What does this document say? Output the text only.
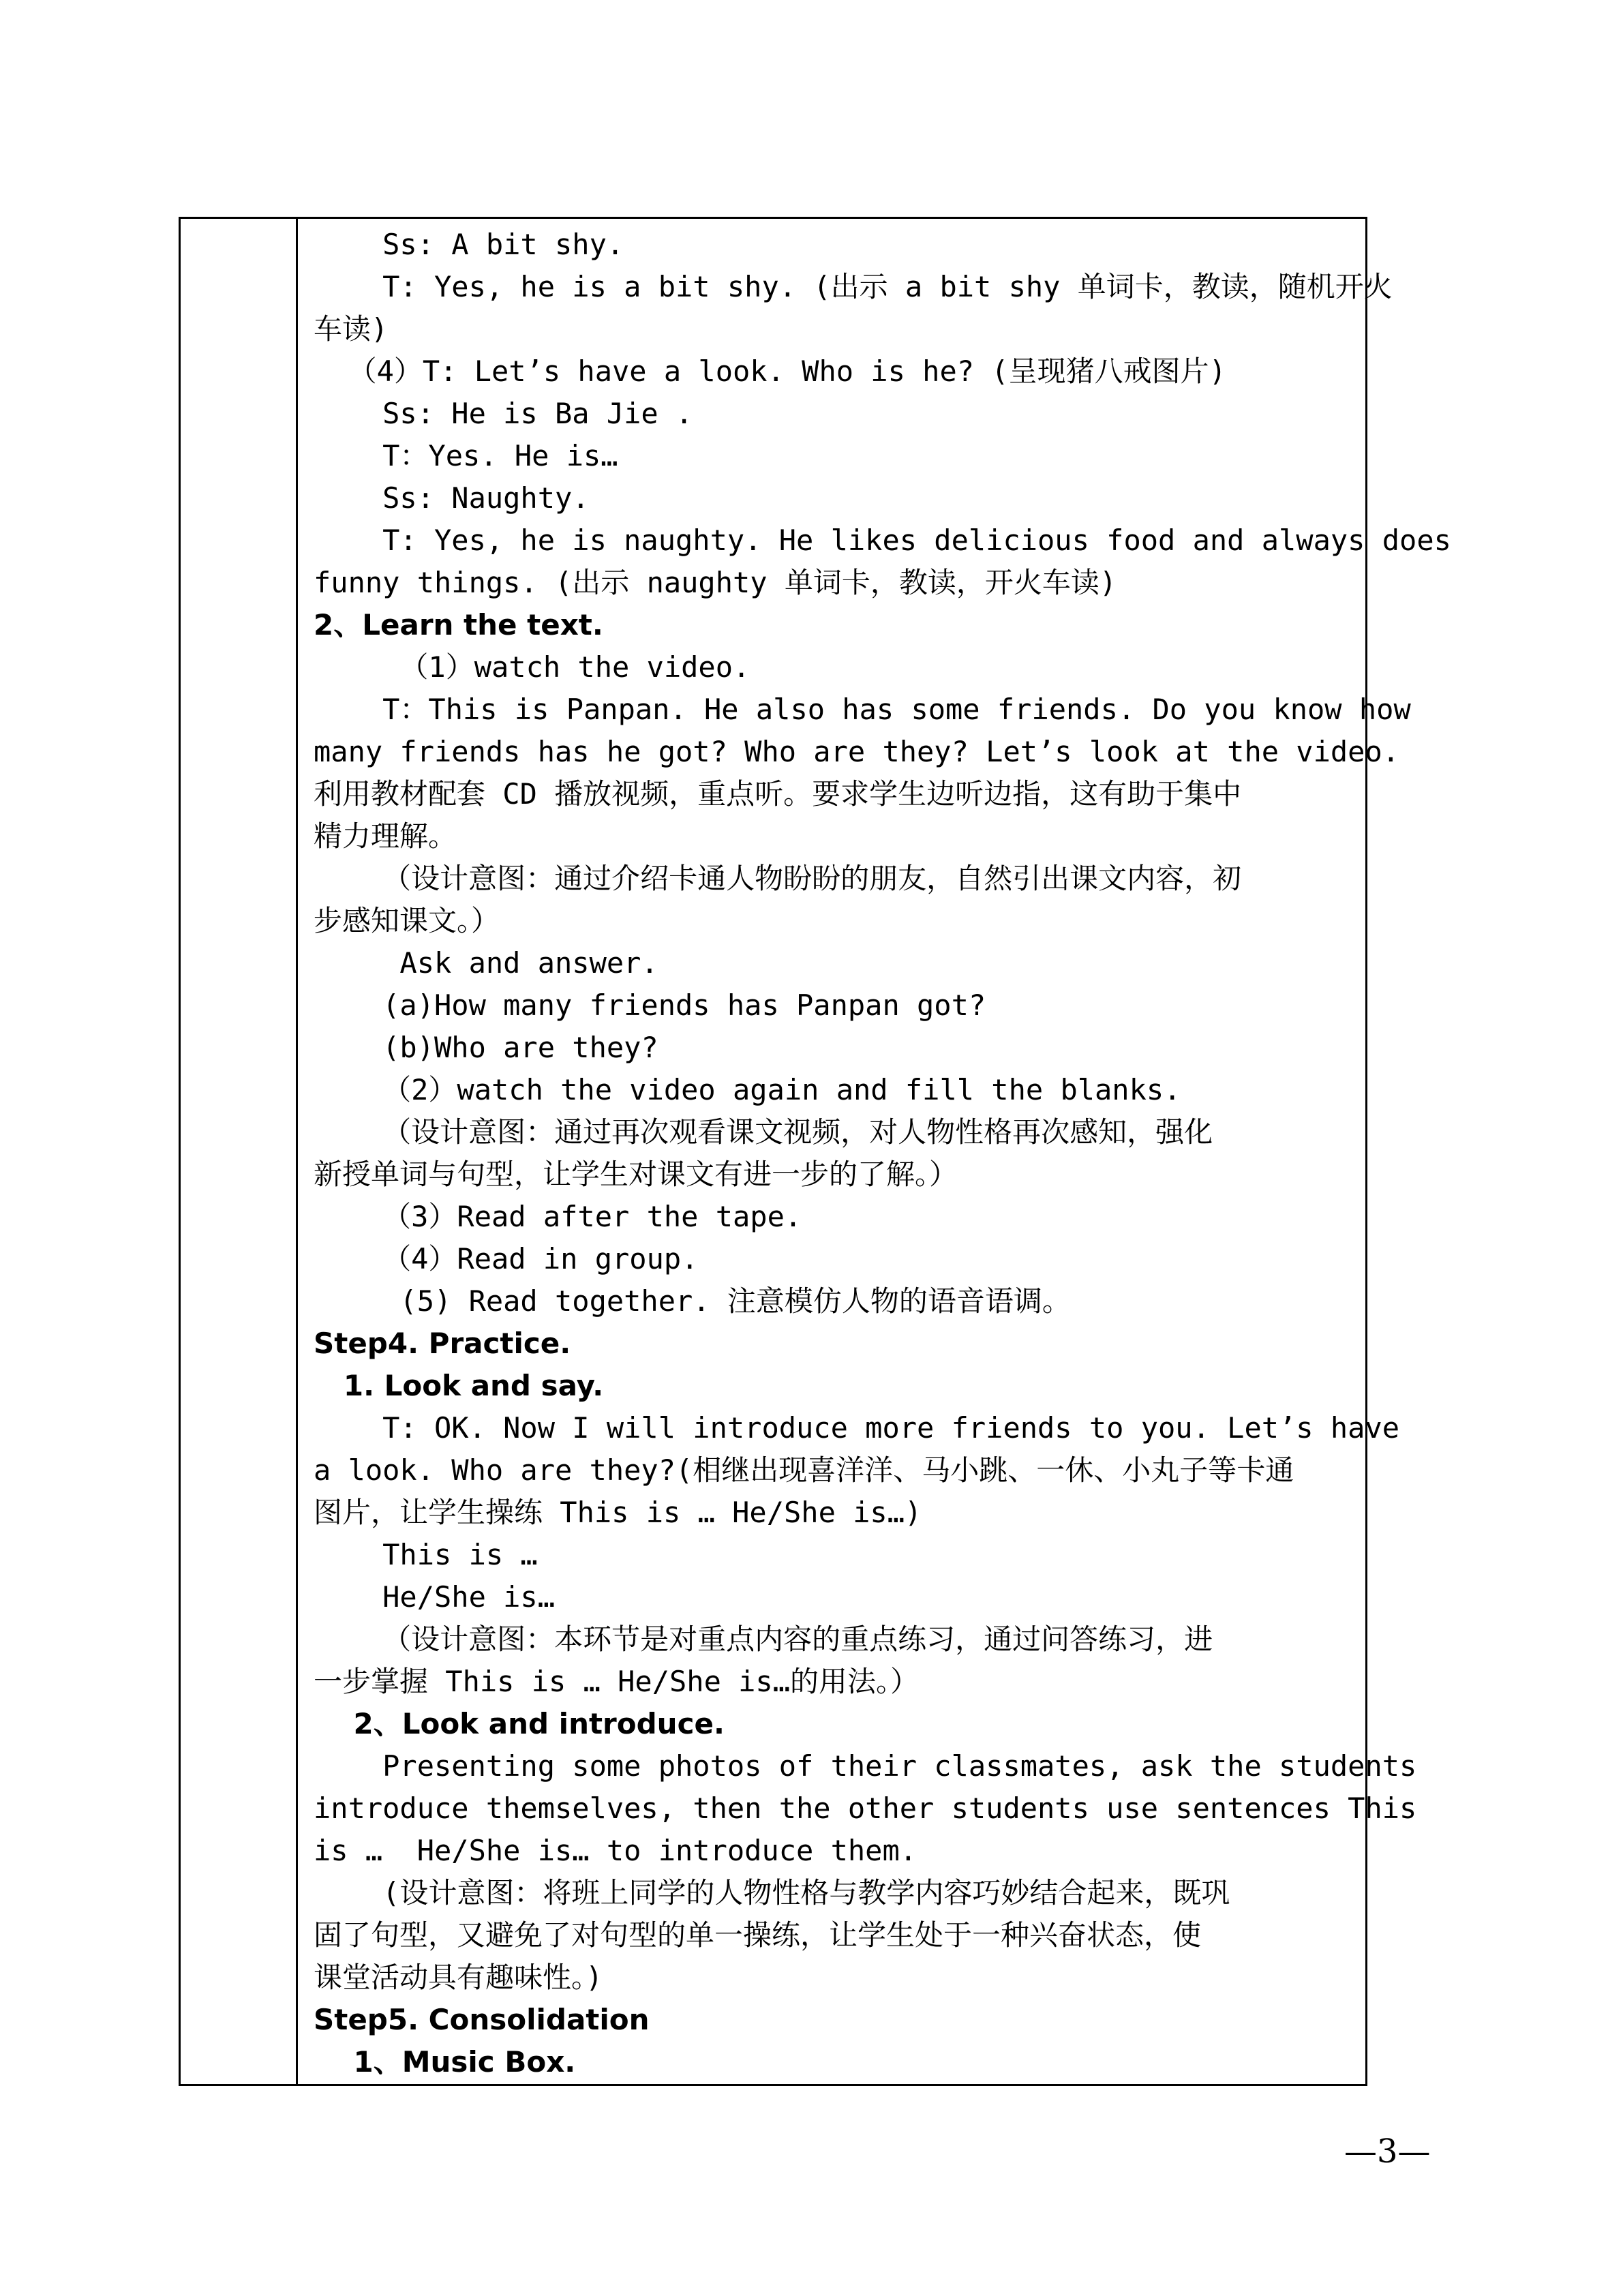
Ss: A bit shy.
T: Yes, he is a bit shy. (出示 a bit shy 单词卡，教读，随机开火
车读)
（4）T: Let’s have a look. Who is he? (呈现猪八戒图片)
Ss: He is Ba Jie .
T：Yes. He is…
Ss: Naughty.
T: Yes, he is naughty. He likes delicious food and always does
funny things. (出示 naughty 单词卡，教读，开火车读)
2、Learn the text.
（1）watch the video.
T：This is Panpan. He also has some friends. Do you know how
many friends has he got? Who are they? Let’s look at the video.
利用教材配套 CD 播放视频，重点听。要求学生边听边指，这有助于集中
精力理解。
（设计意图：通过介绍卡通人物盼盼的朋友，自然引出课文内容，初
步感知课文。）
Ask and answer.
(a)How many friends has Panpan got?
(b)Who are they?
（2）watch the video again and fill the blanks.
（设计意图：通过再次观看课文视频，对人物性格再次感知，强化
新授单词与句型，让学生对课文有进一步的了解。）
（3）Read after the tape.
（4）Read in group.
(5) Read together. 注意模仿人物的语音语调。
Step4. Practice.
1. Look and say.
T: OK. Now I will introduce more friends to you. Let’s have
a look. Who are they?(相继出现喜洋洋、马小跳、一休、小丸子等卡通
图片，让学生操练 This is … He/She is…)
This is …
He/She is…
（设计意图：本环节是对重点内容的重点练习，通过问答练习，进
一步掌握 This is … He/She is…的用法。）
2、Look and introduce.
Presenting some photos of their classmates, ask the students
introduce themselves, then the other students use sentences This
is …  He/She is… to introduce them.
(设计意图：将班上同学的人物性格与教学内容巧妙结合起来，既巩
固了句型，又避免了对句型的单一操练，让学生处于一种兴奋状态，使
课堂活动具有趣味性。)
Step5. Consolidation
1、Music Box.
—3—
